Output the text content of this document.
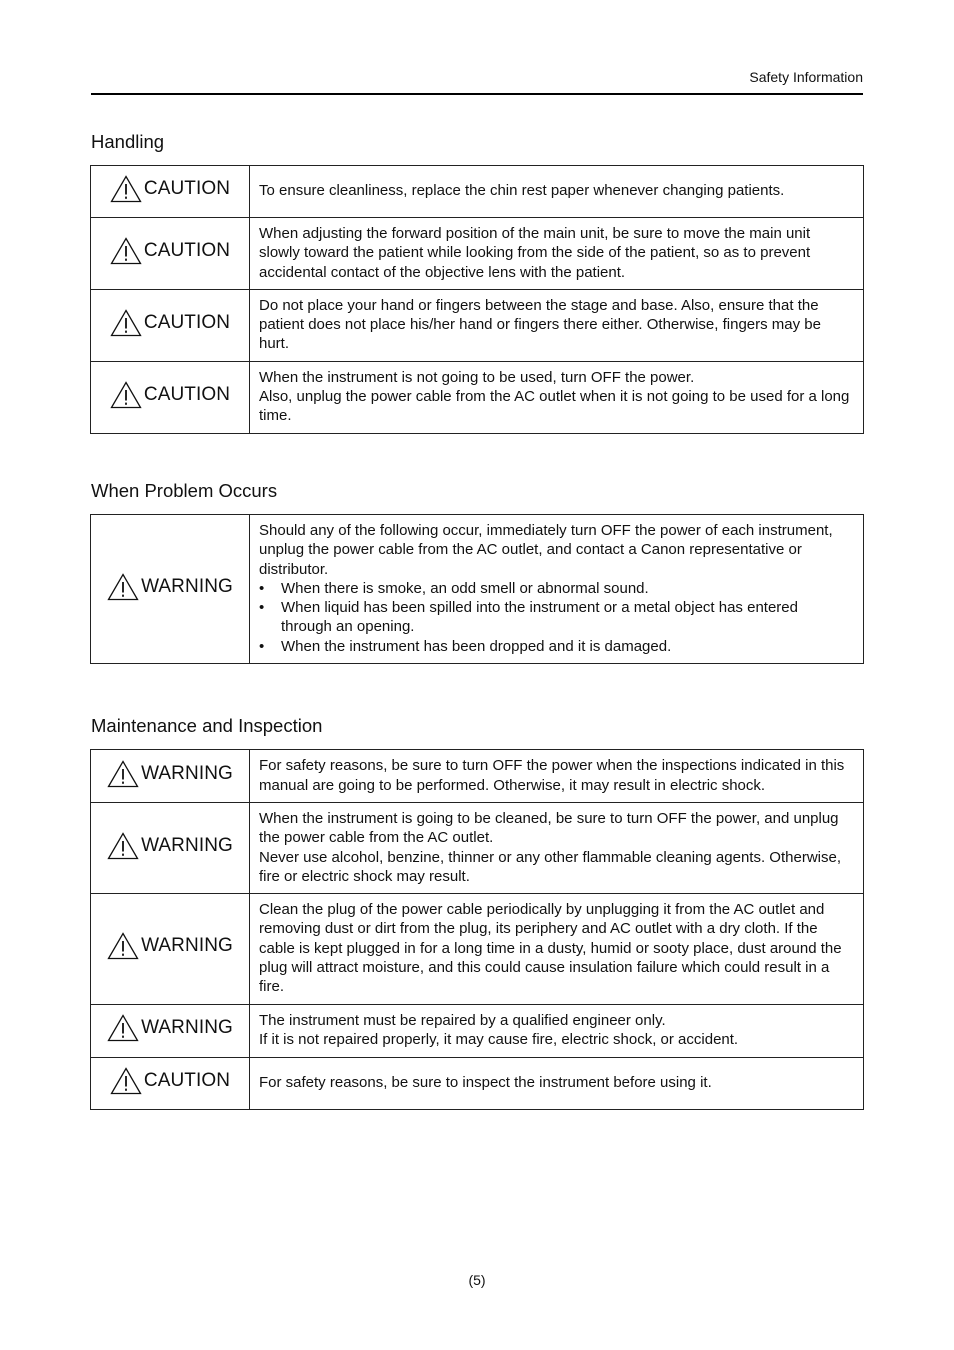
Safety Information
Handling
CAUTION	To ensure cleanliness, replace the chin rest paper whenever changing patients.

CAUTION	When adjusting the forward position of the main unit, be sure to move the main unit slowly toward the patient while looking from the side of the patient, so as to prevent accidental contact of the objective lens with the patient.

CAUTION	Do not place your hand or fingers between the stage and base. Also, ensure that the patient does not place his/her hand or fingers there either. Otherwise, fingers may be hurt.

CAUTION	When the instrument is not going to be used, turn OFF the power.
Also, unplug the power cable from the AC outlet when it is not going to be used for a long time.
When Problem Occurs
WARNING

Should any of the following occur, immediately turn OFF the power of each instrument, unplug the power cable from the AC outlet, and contact a Canon representative or distributor.
•	When there is smoke, an odd smell or abnormal sound.
•	When liquid has been spilled into the instrument or a metal object has entered through an opening.
•	When the instrument has been dropped and it is damaged.
Maintenance and Inspection
WARNING	For safety reasons, be sure to turn OFF the power when the inspections indicated in this manual are going to be performed. Otherwise, it may result in electric shock.

WARNING	When the instrument is going to be cleaned, be sure to turn OFF the power, and unplug the power cable from the AC outlet.
Never use alcohol, benzine, thinner or any other flammable cleaning agents. Otherwise, fire or electric shock may result.

WARNING	Clean the plug of the power cable periodically by unplugging it from the AC outlet and removing dust or dirt from the plug, its periphery and AC outlet with a dry cloth. If the cable is kept plugged in for a long time in a dusty, humid or sooty place, dust around the plug will attract moisture, and this could cause insulation failure which could result in a fire.

WARNING	The instrument must be repaired by a qualified engineer only.
If it is not repaired properly, it may cause fire, electric shock, or accident.

CAUTION	For safety reasons, be sure to inspect the instrument before using it.
(5)
